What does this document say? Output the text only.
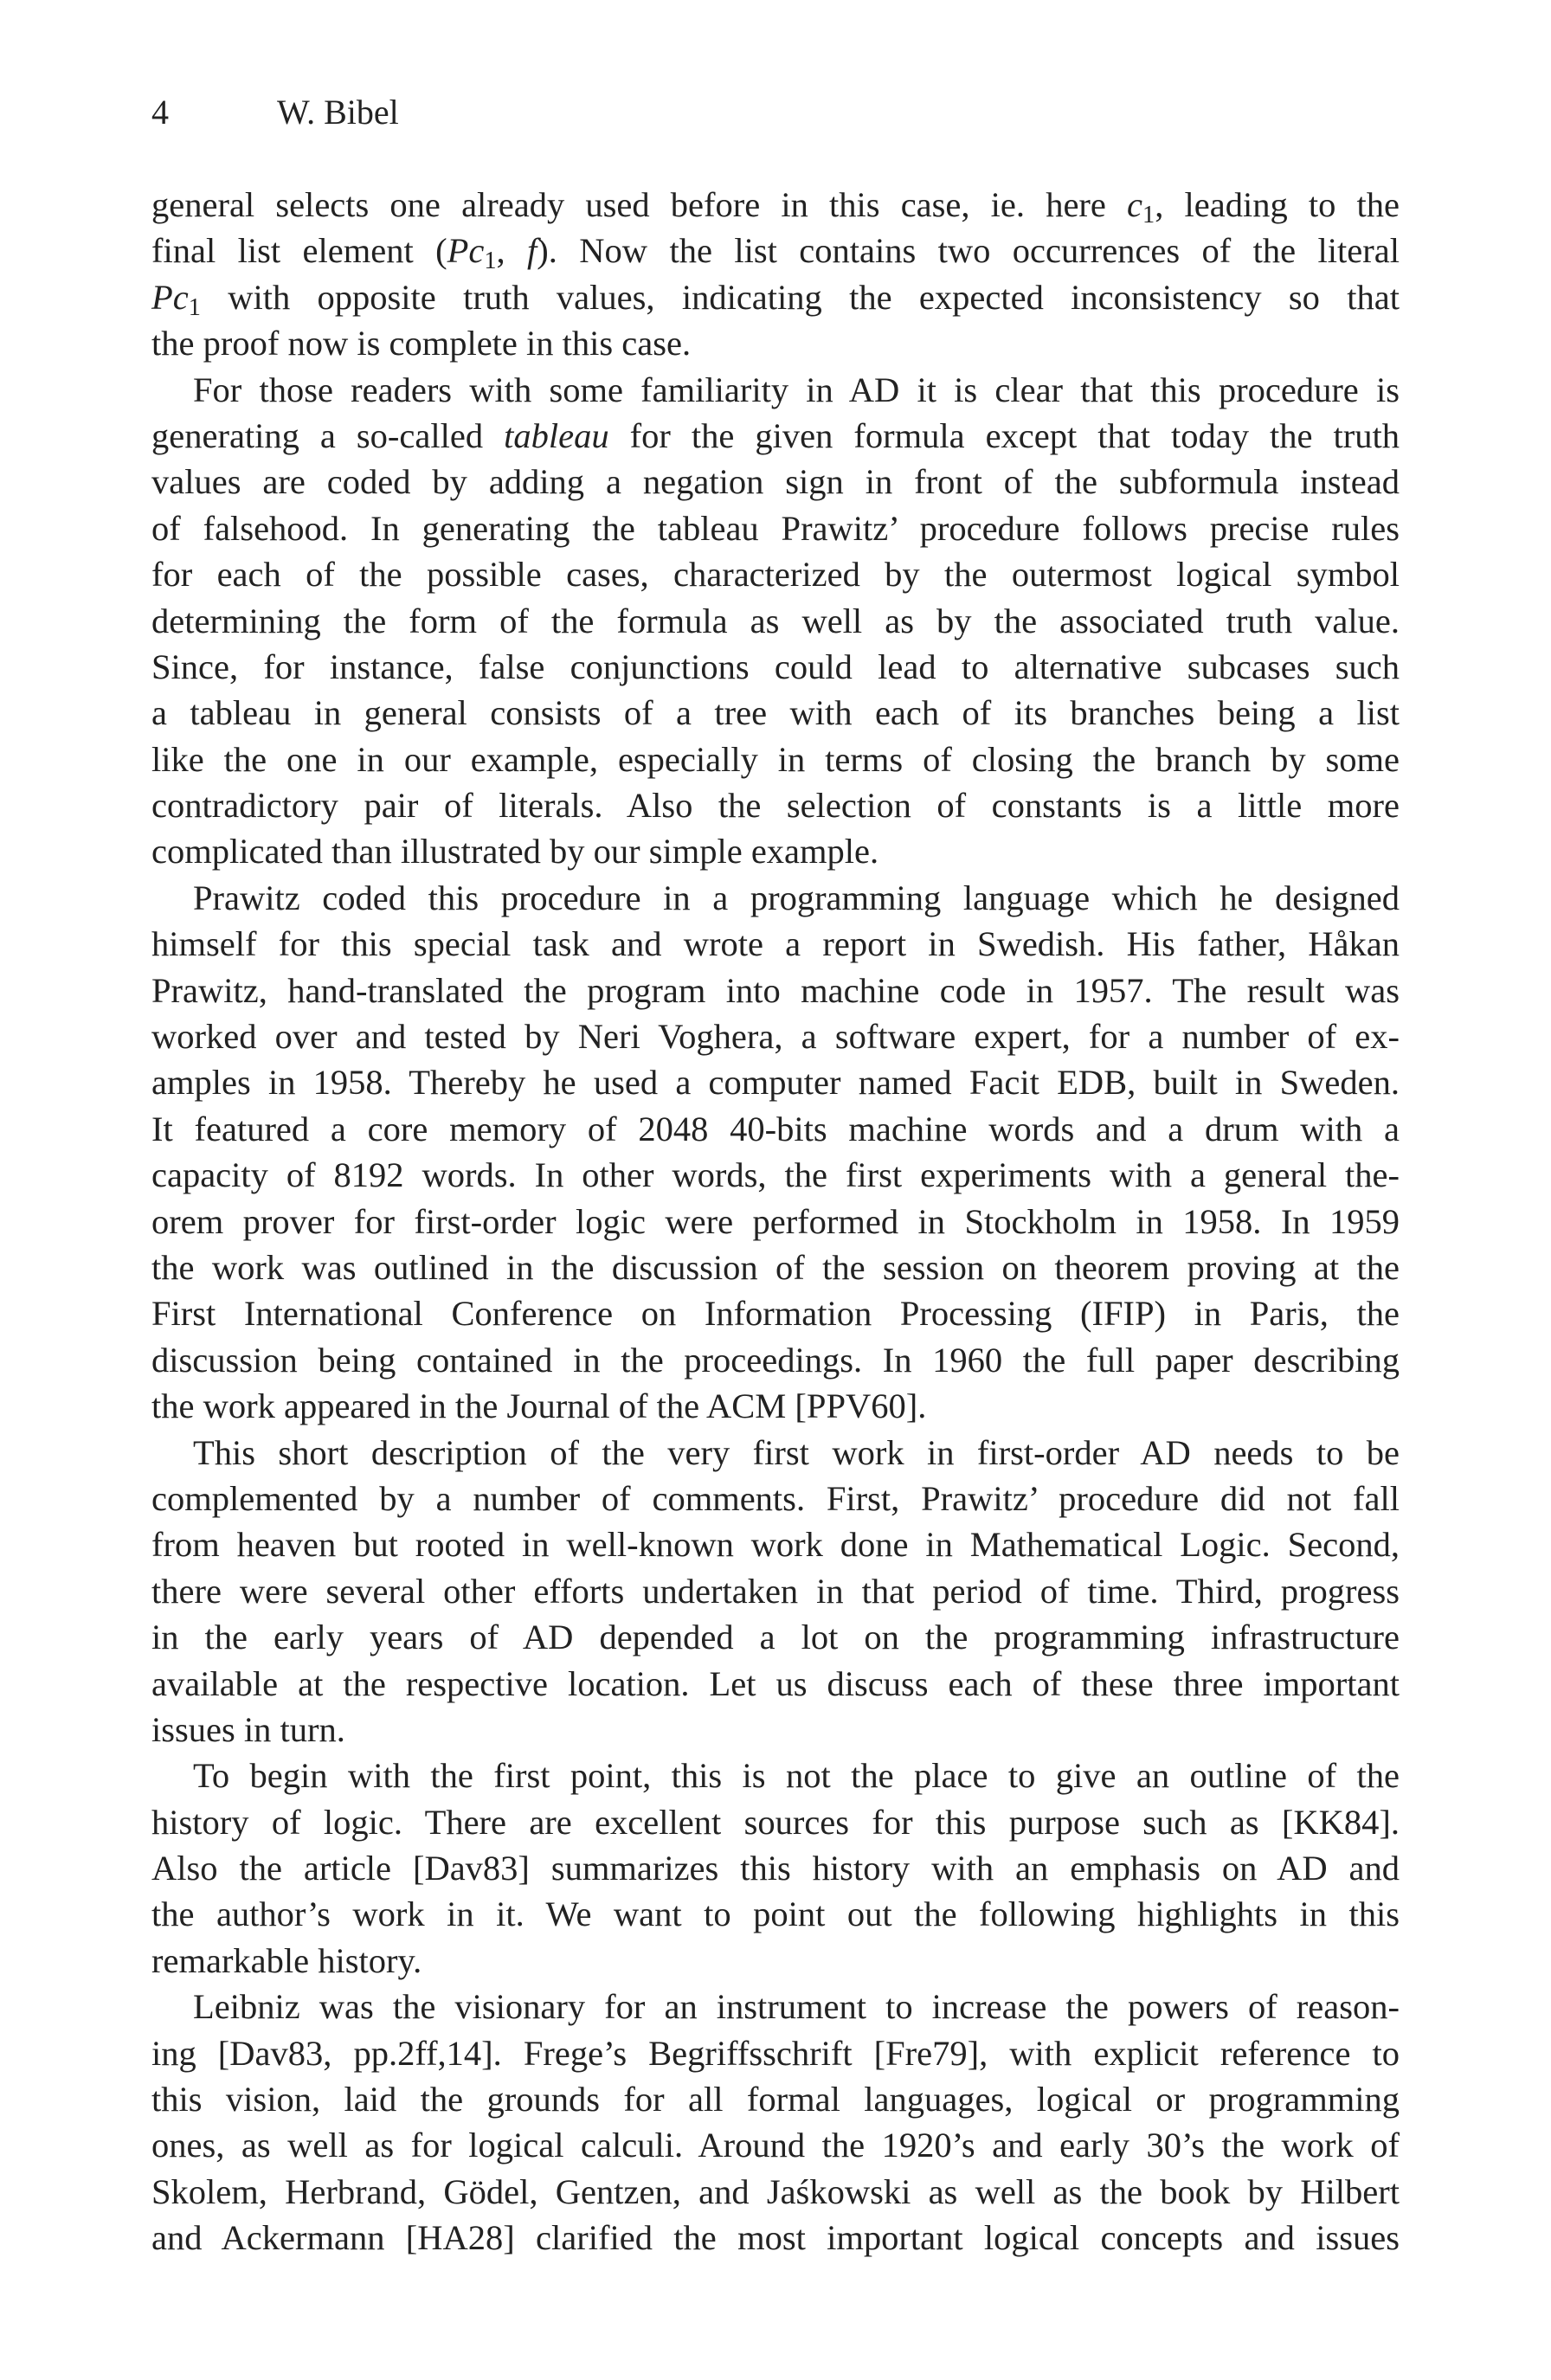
4	W. Bibel
general selects one already used before in this case, ie. here $c_1$, leading to the
final list element ($Pc_1$, f). Now the list contains two occurrences of the literal
$Pc_1$ with opposite truth values, indicating the expected inconsistency so that
the proof now is complete in this case.
For those readers with some familiarity in AD it is clear that this procedure is
generating a so-called tableau for the given formula except that today the truth
values are coded by adding a negation sign in front of the subformula instead
of falsehood. In generating the tableau Prawitz’ procedure follows precise rules
for each of the possible cases, characterized by the outermost logical symbol
determining the form of the formula as well as by the associated truth value.
Since, for instance, false conjunctions could lead to alternative subcases such
a tableau in general consists of a tree with each of its branches being a list
like the one in our example, especially in terms of closing the branch by some
contradictory pair of literals. Also the selection of constants is a little more
complicated than illustrated by our simple example.
Prawitz coded this procedure in a programming language which he designed
himself for this special task and wrote a report in Swedish. His father, Håkan
Prawitz, hand-translated the program into machine code in 1957. The result was
worked over and tested by Neri Voghera, a software expert, for a number of ex-
amples in 1958. Thereby he used a computer named Facit EDB, built in Sweden.
It featured a core memory of 2048 40-bits machine words and a drum with a
capacity of 8192 words. In other words, the first experiments with a general the-
orem prover for first-order logic were performed in Stockholm in 1958. In 1959
the work was outlined in the discussion of the session on theorem proving at the
First International Conference on Information Processing (IFIP) in Paris, the
discussion being contained in the proceedings. In 1960 the full paper describing
the work appeared in the Journal of the ACM [PPV60].
This short description of the very first work in first-order AD needs to be
complemented by a number of comments. First, Prawitz’ procedure did not fall
from heaven but rooted in well-known work done in Mathematical Logic. Second,
there were several other efforts undertaken in that period of time. Third, progress
in the early years of AD depended a lot on the programming infrastructure
available at the respective location. Let us discuss each of these three important
issues in turn.
To begin with the first point, this is not the place to give an outline of the
history of logic. There are excellent sources for this purpose such as [KK84].
Also the article [Dav83] summarizes this history with an emphasis on AD and
the author’s work in it. We want to point out the following highlights in this
remarkable history.
Leibniz was the visionary for an instrument to increase the powers of reason-
ing [Dav83, pp.2ff,14]. Frege’s Begriffsschrift [Fre79], with explicit reference to
this vision, laid the grounds for all formal languages, logical or programming
ones, as well as for logical calculi. Around the 1920’s and early 30’s the work of
Skolem, Herbrand, Gödel, Gentzen, and Jaśkowski as well as the book by Hilbert
and Ackermann [HA28] clarified the most important logical concepts and issues
